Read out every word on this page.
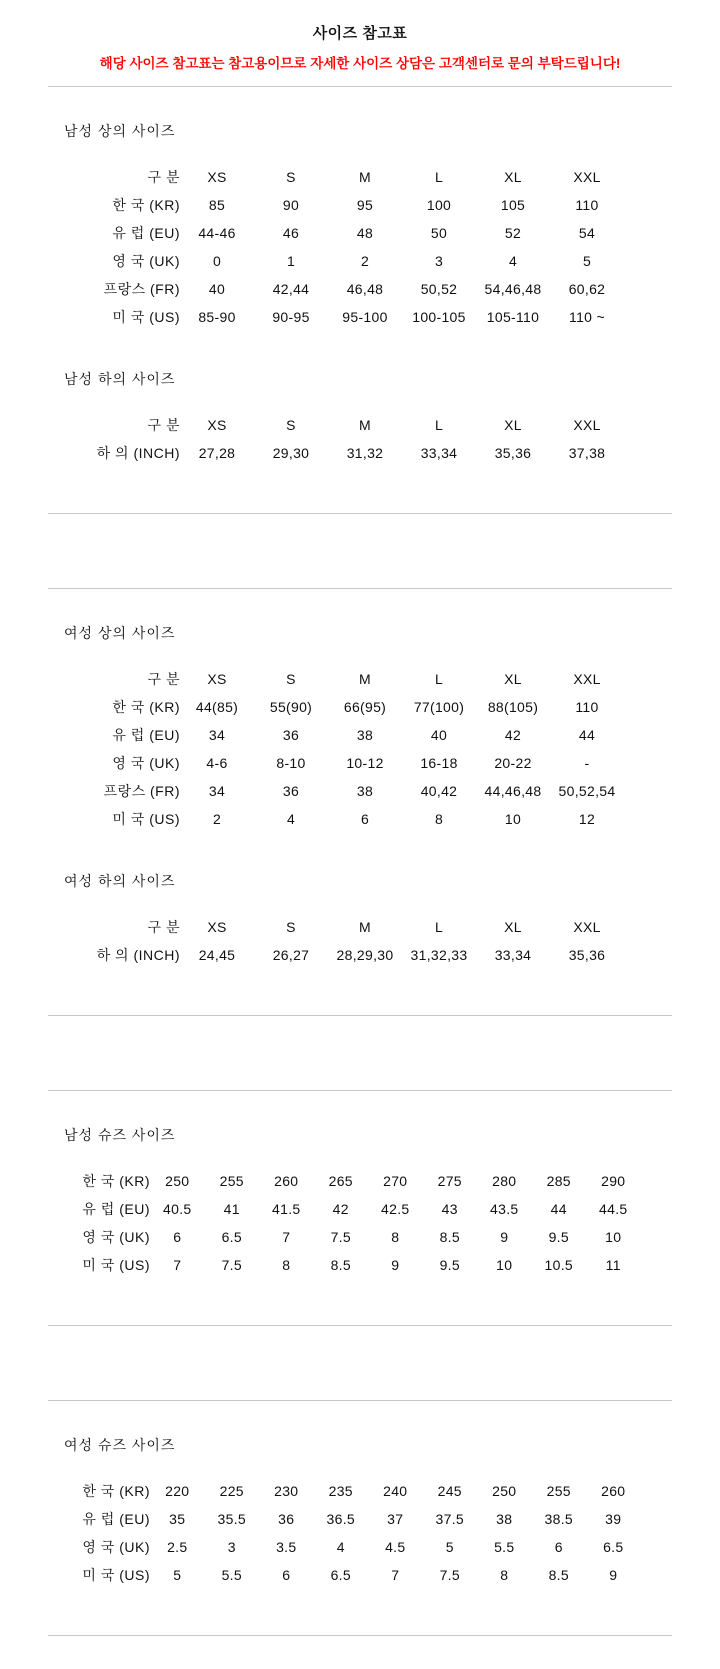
사이즈 참고표
해당 사이즈 참고표는 참고용이므로 자세한 사이즈 상담은 고객센터로 문의 부탁드립니다!
남성 상의 사이즈
구 분	XS	S	M	L	XL	XXL
한 국 (KR)	85	90	95	100	105	110
유 럽 (EU)	44-46	46	48	50	52	54
영 국 (UK)	0	1	2	3	4	5
프랑스 (FR)	40	42,44	46,48	50,52	54,46,48	60,62
미 국 (US)	85-90	90-95	95-100	100-105	105-110	110 ~
남성 하의 사이즈
구 분	XS	S	M	L	XL	XXL
하 의 (INCH)	27,28	29,30	31,32	33,34	35,36	37,38
여성 상의 사이즈
구 분	XS	S	M	L	XL	XXL
한 국 (KR)	44(85)	55(90)	66(95)	77(100)	88(105)	110
유 럽 (EU)	34	36	38	40	42	44
영 국 (UK)	4-6	8-10	10-12	16-18	20-22	-
프랑스 (FR)	34	36	38	40,42	44,46,48	50,52,54
미 국 (US)	2	4	6	8	10	12
여성 하의 사이즈
구 분	XS	S	M	L	XL	XXL
하 의 (INCH)	24,45	26,27	28,29,30	31,32,33	33,34	35,36
남성 슈즈 사이즈
한 국 (KR)	250	255	260	265	270	275	280	285	290
유 럽 (EU)	40.5	41	41.5	42	42.5	43	43.5	44	44.5
영 국 (UK)	6	6.5	7	7.5	8	8.5	9	9.5	10
미 국 (US)	7	7.5	8	8.5	9	9.5	10	10.5	11
여성 슈즈 사이즈
한 국 (KR)	220	225	230	235	240	245	250	255	260
유 럽 (EU)	35	35.5	36	36.5	37	37.5	38	38.5	39
영 국 (UK)	2.5	3	3.5	4	4.5	5	5.5	6	6.5
미 국 (US)	5	5.5	6	6.5	7	7.5	8	8.5	9
